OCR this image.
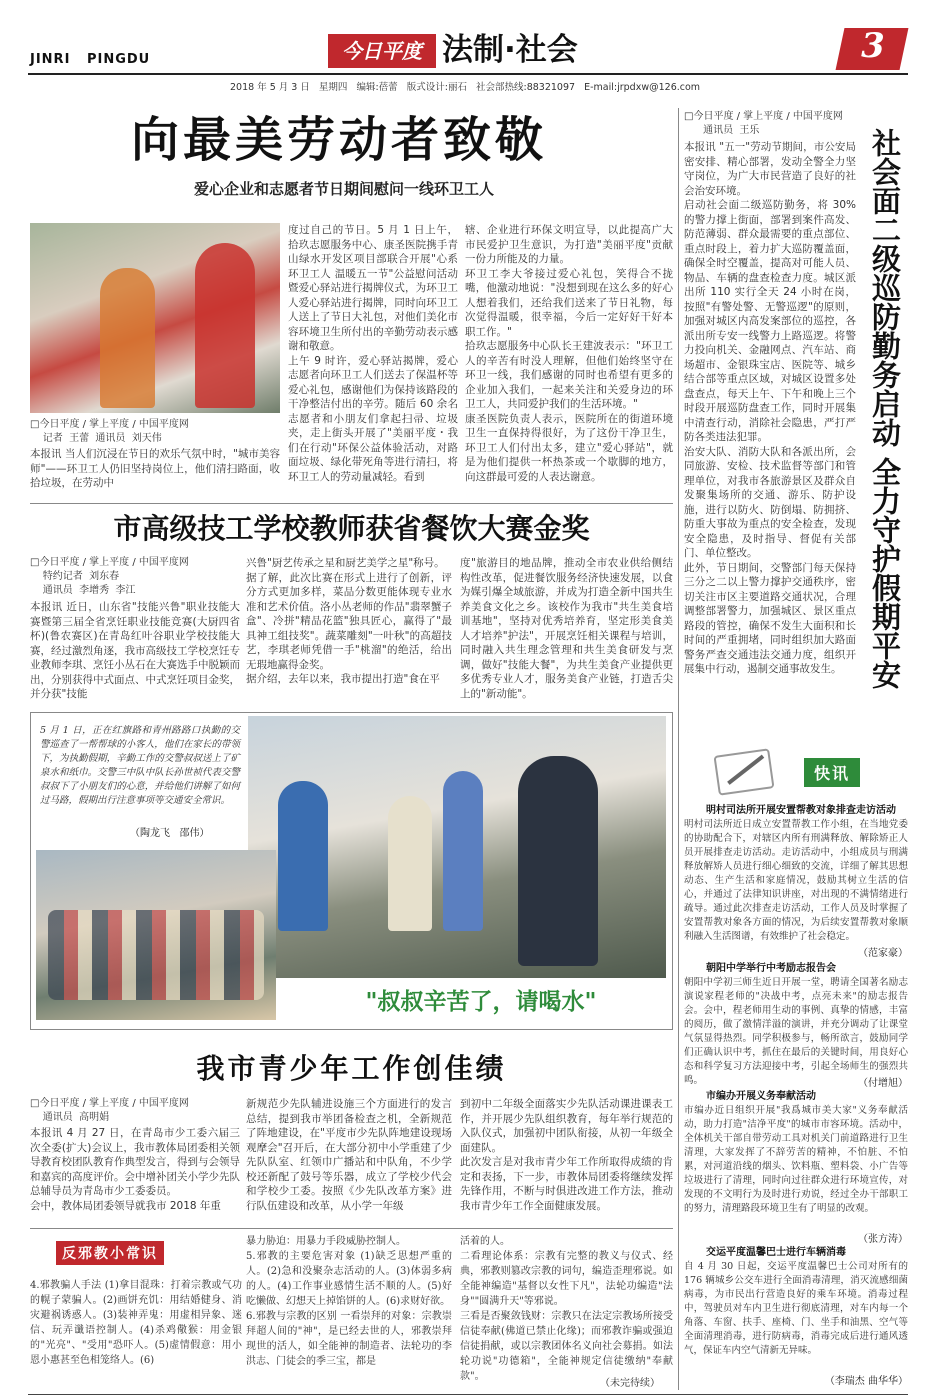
JINRI   PINGDU	今日平度 法制·社会	3
2018 年 5 月 3 日   星期四   编辑:蓓蕾   版式设计:丽石   社会部热线:88321097   E-mail:jrpdxw@126.com
向最美劳动者致敬
爱心企业和志愿者节日期间慰问一线环卫工人
□今日平度 / 掌上平度 / 中国平度网
记者  王蕾  通讯员  刘天伟
本报讯 当人们沉浸在节日的欢乐气氛中时，"城市美容师"——环卫工人仍旧坚持岗位上，他们清扫路面，收拾垃圾，在劳动中
度过自己的节日。5 月 1 日上午，拾玖志愿服务中心、康圣医院携手青山绿水开发区项目部联合开展"心系环卫工人 温暖五一节"公益慰问活动暨爱心驿站进行揭牌仪式，为环卫工人爱心驿站进行揭牌，同时向环卫工人送上了节日大礼包，对他们美化市容环境卫生所付出的辛勤劳动表示感谢和敬意。
上午 9 时许，爱心驿站揭牌，爱心志愿者向环卫工人们送去了保温杯等爱心礼包，感谢他们为保持该路段的干净整洁付出的辛劳。随后 60 余名志愿者和小朋友们拿起扫帚、垃圾夹，走上街头开展了"美丽平度・我们在行动"环保公益体验活动，对路面垃圾、绿化带死角等进行清扫，将环卫工人的劳动量减轻。看到
辖、企业进行环保文明宣导，以此提高广大市民爱护卫生意识，为打造"美丽平度"贡献一份力所能及的力量。
环卫工李大爷接过爱心礼包，笑得合不拢嘴，他激动地说："没想到现在这么多的好心人想着我们，还给我们送来了节日礼物，每次觉得温暖，很幸福，今后一定好好干好本职工作。"
拾玖志愿服务中心队长王建波表示："环卫工人的辛苦有时没人理解，但他们始终坚守在环卫一线，我们感谢的同时也希望有更多的企业加入我们，一起来关注和关爱身边的环卫工人，共同爱护我们的生活环境。"
康圣医院负责人表示，医院所在的街道环境卫生一直保持得很好，为了这份干净卫生，环卫工人们付出太多，建立"爱心驿站"，就是为他们提供一杯热茶或一个歇脚的地方，向这群最可爱的人表达谢意。
□今日平度 / 掌上平度 / 中国平度网
通讯员  王乐
本报讯 "五一"劳动节期间，市公安局密安排、精心部署，发动全警全力坚守岗位，为广大市民营造了良好的社会治安环境。
启动社会面二级巡防勤务，将 30%的警力撑上街面，部署到案件高发、防范薄弱、群众最需要的重点部位、重点时段上，着力扩大巡防覆盖面，确保全时空覆盖，提高对可能人员、物品、车辆的盘查检查力度。城区派出所 110 实行全天 24 小时在岗，按照"有警处警、无警巡逻"的原则，加强对城区内高发案部位的巡控，各派出所专安一线警力上路巡逻。将警力投向机关、金融网点、汽车站、商场超市、金银珠宝店、医院等、城乡结合部等重点区域，对城区设置多处盘查点，每天上午、下午和晚上三个时段开展巡防盘查工作，同时开展集中清查行动，消除社会隐患，严打严防各类违法犯罪。
治安大队、消防大队和各派出所，会同旅游、安检、技术监督等部门和管理单位，对我市各旅游景区及群众自发聚集场所的交通、游乐、防护设施，进行以防火、防倒塌、防拥挤、防重大事故为重点的安全检查，发现安全隐患，及时指导、督促有关部门、单位整改。
此外，节日期间，交警部门每天保持三分之二以上警力撑护交通秩序，密切关注市区主要道路交通状况，合理调整部署警力，加强城区、景区重点路段的管控，确保不发生大面积和长时间的严重拥堵，同时组织加大路面警务严查交通违法交通力度，组织开展集中行动，遏制交通事故发生。 社会面二级巡防勤务启动 全力守护假期平安
市高级技工学校教师获省餐饮大赛金奖
□今日平度 / 掌上平度 / 中国平度网
特约记者  刘东春
通讯员  李增秀  李江
本报讯 近日，山东省"技能兴鲁"职业技能大赛暨第三届全省烹饪职业技能竞赛(大厨四省杯)(鲁农赛区)在青岛红叶谷职业学校技能大赛，经过激烈角逐，我市高级技工学校烹饪专业教师李琪、烹饪小丛石在大赛选手中脱颖而出，分别获得中式面点、中式烹饪项目金奖，并分获"技能
兴鲁"厨艺传承之星和厨艺美学之星"称号。
据了解，此次比赛在形式上进行了创新，评分方式更加多样，菜品分数更能体现专业水准和艺术价值。洛小丛老师的作品"翡翠蟹子盒"、冷拼"精品花篮"独具匠心，赢得了"最具神工组技奖"。蔬菜雕刻"一叶秋"的高超技艺，李琪老师凭借一手"桃溜"的绝活，给出无瑕地赢得金奖。
据介绍，去年以来，我市提出打造"食在平
度"旅游目的地品牌，推动全市农业供给侧结构性改革，促进餐饮服务经济快速发展，以食为媒引爆全域旅游，并成为打造全新中国共生养美食文化之乡。该校作为我市"共生美食培训基地"，坚持对优秀培养育，坚定形美食美人才培养"护法"，开展烹饪相关课程与培训，同时融入共生理念管理和共生美食研发与烹调，做好"技能大餐"，为共生美食产业提供更多优秀专业人才，服务美食产业链，打造舌尖上的"新动能"。
5 月 1 日，正在红旗路和青州路路口执勤的交警巡查了一帮帮球的小客人，他们在家长的带领下，为执勤假期，辛勤工作的交警叔叔送上了矿泉水和纸巾。交警三中队中队长孙世祯代表交警叔叔下了小朋友们的心意，并给他们讲解了如何过马路，假期出行注意事项等交通安全常识。
（陶龙飞   邵伟）
"叔叔辛苦了，请喝水"
我市青少年工作创佳绩
□今日平度 / 掌上平度 / 中国平度网
通讯员  高明娟
本报讯 4 月 27 日，在青岛市少工委六届三次全委(扩大)会议上，我市教体局团委相关领导教育校团队教育作典型发言，得到与会领导和嘉宾的高度评价。会中增补团关小学少先队总辅导员为青岛市少工委委员。
会中，教体局团委领导就我市 2018 年重
新规范少先队辅进设施三个方面进行的发言总结，提到我市举团备检查之机，全新规范了阵地建设，在"平度市少先队阵地建设现场观摩会"召开后，在大部分初中小学重建了少先队队室、红领巾广播站和中队角，不少学校还新配了鼓号等乐器，成立了学校少代会和学校少工委。按照《少先队改革方案》进行队伍建设和改革，从小学一年级
到初中二年级全面落实少先队活动课进课表工作，并开展少先队组织教育，每年举行规范的入队仪式，加强初中团队衔接，从初一年级全面建队。
此次发言是对我市青少年工作所取得成绩的肯定和表扬，下一步，市教体局团委将继续发挥先锋作用，不断与时俱进改进工作方法，推动我市青少年工作全面健康发展。
反邪教小常识
4.邪教骗人手法 (1)拿目混珠：打着宗教或气功的幌子蒙骗人。(2)画饼充饥：用结婚健身、消灾避祸诱惑人。(3)装神弄鬼：用虚相异象、迷信、玩弄谶语控制人。(4)杀鸡儆猴：用金银的"光亮"、"受用"恐吓人。(5)虚情假意：用小恩小惠甚至色相笼络人。(6)
暴力胁迫：用暴力手段威胁控制人。
5.邪教的主要危害对象 (1)缺乏思想严重的人。(2)急和没聚杂志活动的人。(3)体弱多病的人。(4)工作事业感情生活不顺的人。(5)好吃懒做、幻想天上掉馅饼的人。(6)求财好欲。
6.邪教与宗教的区别 一看崇拜的对象：宗教崇拜超人间的"神"，是已经去世的人，邪教崇拜现世的活人，如全能神的制造者、法轮功的李洪志、门徒会的季三宝，都是
活着的人。
二看理论体系：宗教有完整的教义与仪式、经典，邪教则篡改宗教的词句，编造歪理邪说。如全能神编造"基督以女性下凡"，法轮功编造"法身""圆满升天"等邪说。
三看是否聚敛钱财：宗教只在法定宗教场所接受信徒奉献(佛道已禁止化缘)；而邪教诈骗或强迫信徒捐献，或以宗教团体名义向社会募捐。如法轮功说"功德箱"，全能神规定信徒缴纳"奉献款"。
（未完待续）
快讯
明村司法所开展安置帮教对象排查走访活动
明村司法所近日成立安置帮教工作小组，在当地党委的协助配合下，对辖区内所有刑满释放、解除矫正人员开展排查走访活动。走访活动中，小组成员与刑满释放解矫人员进行细心细致的交流，详细了解其思想动态、生产生活和家庭情况，鼓励其树立生活的信心，并通过了法律知识讲座，对出现的不满情绪进行疏导。通过此次排查走访活动，工作人员及时掌握了安置帮教对象各方面的情况，为后续安置帮教对象顺利融入生活图谱，有效维护了社会稳定。
（范家豪）
朝阳中学举行中考励志报告会
朝阳中学初三师生近日开展一堂，聘请全国著名励志演说家程老师的"决战中考，点亮未来"的励志报告会。会中，程老师用生动的事例、真挚的情感，丰富的阅历，做了激情洋溢的演讲，并充分调动了让课堂气氛显得热烈。同学积极参与，畅所欲言，鼓励同学们正确认识中考，抓住在最后的关键时间，用良好心态和科学复习方法迎接中考，引起全场师生的强烈共鸣。	（付增旭）
市编办开展义务奉献活动
市编办近日组织开展"我爲城市美大家"义务奉献活动，助力打造"洁净平度"的城市市容环境。活动中，全体机关干部自带劳动工具对机关门前道路进行卫生清理，大家发挥了不辞劳苦的精神，不怕脏、不怕累，对河道沿线的烟头、饮料瓶、塑料袋、小广告等垃圾进行了清理，同时向过往群众进行环境宣传，对发现的不文明行为及时进行劝说，经过全办干部职工的努力，清理路段环境卫生有了明显的改观。
（张方涛）
交运平度温馨巴士进行车辆消毒
自 4 月 30 日起，交运平度温馨巴士公司对所有的 176 辆城乡公交车进行全面消毒清理，消灭流感细菌病毒，为市民出行营造良好的乘车环境。消毒过程中，驾驶员对车内卫生进行彻底清理，对车内每一个角落、车窗、扶手、座椅、门、坐手和油黑、空气等全面清理消毒，进行防病毒，消毒完成后进行通风透气，保证车内空气清新无异味。
（李瑞杰 曲华华）
